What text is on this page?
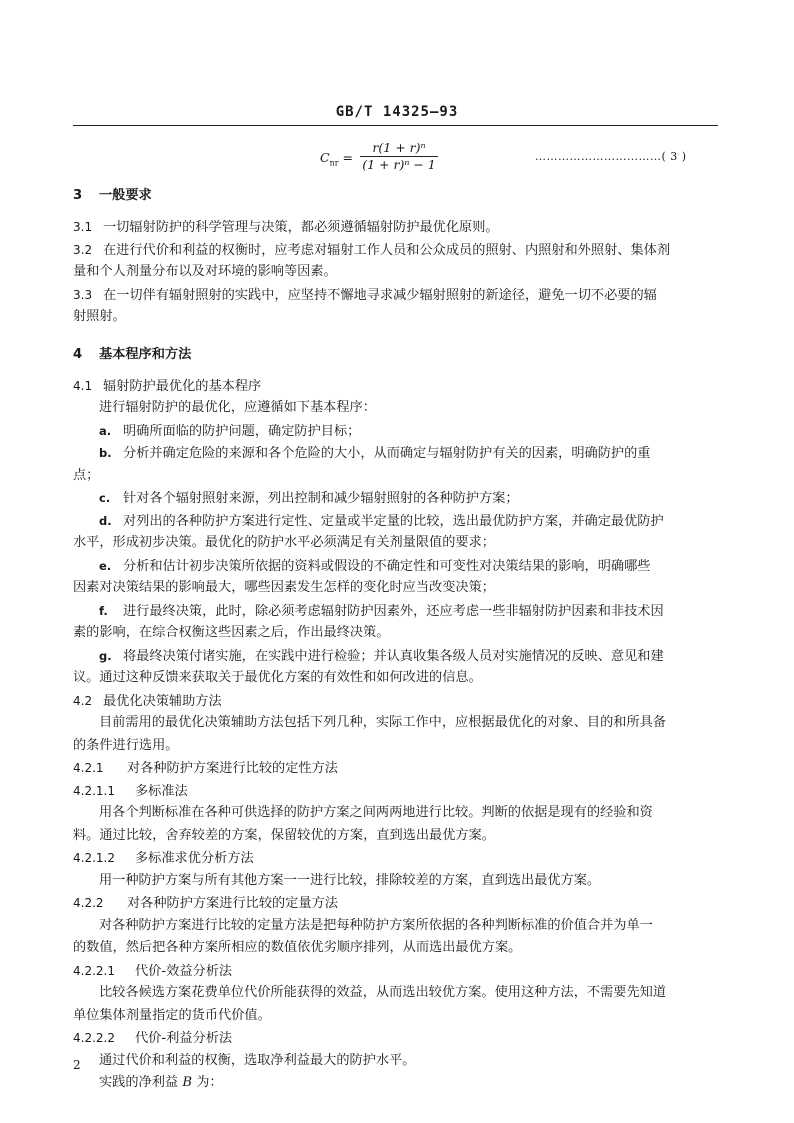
GB/T 14325—93
$C_{nr} = \frac{\text{r(1 + r)ⁿ}}{\text{(1 + r)ⁿ − 1}}$	……………………………( 3 )
3 一般要求
3.1 一切辐射防护的科学管理与决策，都必须遵循辐射防护最优化原则。
3.2 在进行代价和利益的权衡时，应考虑对辐射工作人员和公众成员的照射、内照射和外照射、集体剂
量和个人剂量分布以及对环境的影响等因素。
3.3 在一切伴有辐射照射的实践中，应坚持不懈地寻求减少辐射照射的新途径，避免一切不必要的辐
射照射。
4 基本程序和方法
4.1 辐射防护最优化的基本程序
进行辐射防护的最优化，应遵循如下基本程序：
a. 明确所面临的防护问题，确定防护目标；
b. 分析并确定危险的来源和各个危险的大小，从而确定与辐射防护有关的因素，明确防护的重
点；
c. 针对各个辐射照射来源，列出控制和减少辐射照射的各种防护方案；
d. 对列出的各种防护方案进行定性、定量或半定量的比较，选出最优防护方案，并确定最优防护
水平，形成初步决策。最优化的防护水平必须满足有关剂量限值的要求；
e. 分析和估计初步决策所依据的资料或假设的不确定性和可变性对决策结果的影响，明确哪些
因素对决策结果的影响最大，哪些因素发生怎样的变化时应当改变决策；
f. 进行最终决策，此时，除必须考虑辐射防护因素外，还应考虑一些非辐射防护因素和非技术因
素的影响，在综合权衡这些因素之后，作出最终决策。
g. 将最终决策付诸实施，在实践中进行检验；并认真收集各级人员对实施情况的反映、意见和建
议。通过这种反馈来获取关于最优化方案的有效性和如何改进的信息。
4.2 最优化决策辅助方法
目前需用的最优化决策辅助方法包括下列几种，实际工作中，应根据最优化的对象、目的和所具备
的条件进行选用。
4.2.1 对各种防护方案进行比较的定性方法
4.2.1.1 多标准法
用各个判断标准在各种可供选择的防护方案之间两两地进行比较。判断的依据是现有的经验和资
料。通过比较，舍弃较差的方案，保留较优的方案，直到选出最优方案。
4.2.1.2 多标准求优分析方法
用一种防护方案与所有其他方案一一进行比较，排除较差的方案，直到选出最优方案。
4.2.2 对各种防护方案进行比较的定量方法
对各种防护方案进行比较的定量方法是把每种防护方案所依据的各种判断标准的价值合并为单一
的数值，然后把各种方案所相应的数值依优劣顺序排列，从而选出最优方案。
4.2.2.1 代价-效益分析法
比较各候选方案花费单位代价所能获得的效益，从而选出较优方案。使用这种方法，不需要先知道
单位集体剂量指定的货币代价值。
4.2.2.2 代价-利益分析法
通过代价和利益的权衡，选取净利益最大的防护水平。
实践的净利益 B 为：
2
